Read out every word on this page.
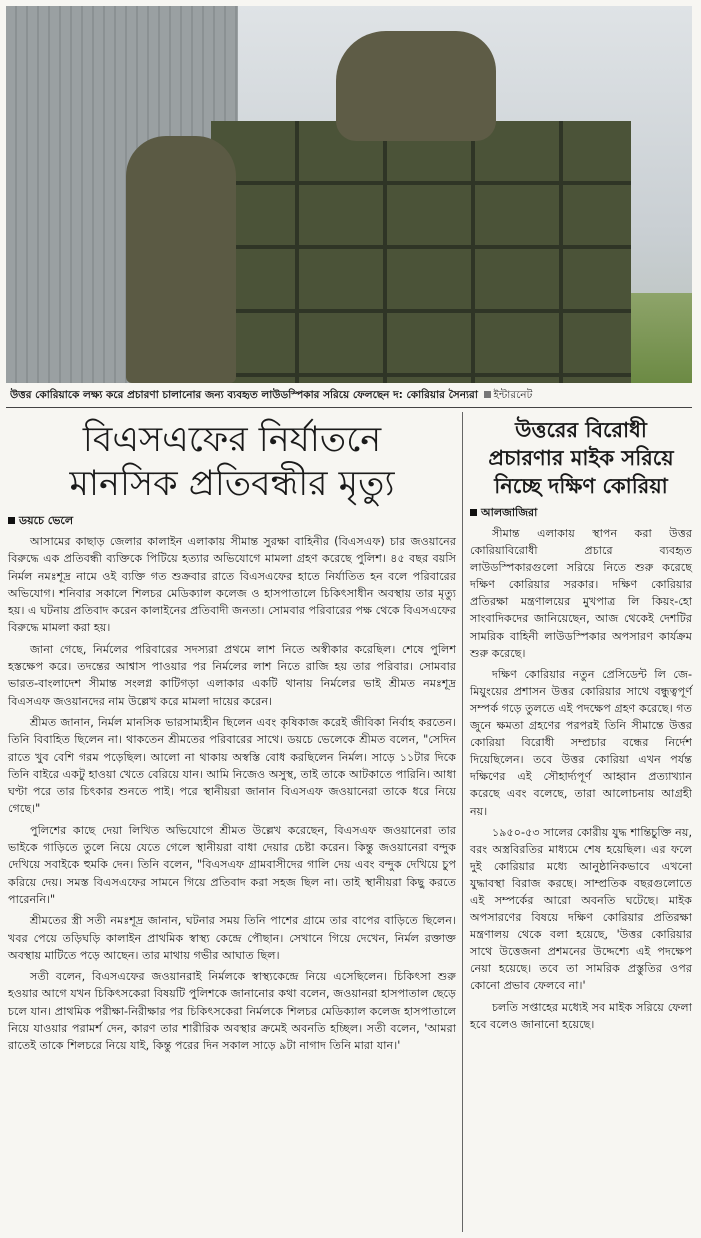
উত্তর কোরিয়াকে লক্ষ্য করে প্রচারণা চালানোর জন্য ব্যবহৃত লাউডস্পিকার সরিয়ে ফেলছেন দ: কোরিয়ার সৈন্যরা ইন্টারনেট
বিএসএফের নির্যাতনে
মানসিক প্রতিবন্ধীর মৃত্যু
ডয়চে ভেলে

আসামের কাছাড় জেলার কালাইন এলাকায় সীমান্ত সুরক্ষা বাহিনীর (বিএসএফ) চার জওয়ানের বিরুদ্ধে এক প্রতিবন্ধী ব্যক্তিকে পিটিয়ে হত্যার অভিযোগে মামলা গ্রহণ করেছে পুলিশ। ৪৫ বছর বয়সি নির্মল নমঃশূদ্র নামে ওই ব্যক্তি গত শুক্রবার রাতে বিএসএফের হাতে নির্যাতিত হন বলে পরিবারের অভিযোগ। শনিবার সকালে শিলচর মেডিক্যাল কলেজ ও হাসপাতালে চিকিৎসাধীন অবস্থায় তার মৃত্যু হয়। এ ঘটনায় প্রতিবাদ করেন কালাইনের প্রতিবাদী জনতা। সোমবার পরিবারের পক্ষ থেকে বিএসএফের বিরুদ্ধে মামলা করা হয়।

জানা গেছে, নির্মলের পরিবারের সদস্যরা প্রথমে লাশ নিতে অস্বীকার করেছিল। শেষে পুলিশ হস্তক্ষেপ করে। তদন্তের আশ্বাস পাওয়ার পর নির্মলের লাশ নিতে রাজি হয় তার পরিবার। সোমবার ভারত-বাংলাদেশ সীমান্ত সংলগ্ন কাটিগড়া এলাকার একটি থানায় নির্মলের ভাই শ্রীমত নমঃশূদ্র বিএসএফ জওয়ানদের নাম উল্লেখ করে মামলা দায়ের করেন।

শ্রীমত জানান, নির্মল মানসিক ভারসাম্যহীন ছিলেন এবং কৃষিকাজ করেই জীবিকা নির্বাহ করতেন। তিনি বিবাহিত ছিলেন না। থাকতেন শ্রীমতের পরিবারের সাথে। ডয়চে ভেলেকে শ্রীমত বলেন, "সেদিন রাতে খুব বেশি গরম পড়েছিল। আলো না থাকায় অস্বস্তি বোধ করছিলেন নির্মল। সাড়ে ১১টার দিকে তিনি বাইরে একটু হাওয়া খেতে বেরিয়ে যান। আমি নিজেও অসুস্থ, তাই তাকে আটকাতে পারিনি। আধা ঘণ্টা পরে তার চিৎকার শুনতে পাই। পরে স্থানীয়রা জানান বিএসএফ জওয়ানেরা তাকে ধরে নিয়ে গেছে।"

পুলিশের কাছে দেয়া লিখিত অভিযোগে শ্রীমত উল্লেখ করেছেন, বিএসএফ জওয়ানেরা তার ভাইকে গাড়িতে তুলে নিয়ে যেতে গেলে স্থানীয়রা বাধা দেয়ার চেষ্টা করেন। কিন্তু জওয়ানেরা বন্দুক দেখিয়ে সবাইকে হুমকি দেন। তিনি বলেন, "বিএসএফ গ্রামবাসীদের গালি দেয় এবং বন্দুক দেখিয়ে চুপ করিয়ে দেয়। সমস্ত বিএসএফের সামনে গিয়ে প্রতিবাদ করা সহজ ছিল না। তাই স্থানীয়রা কিছু করতে পারেননি।"

শ্রীমতের স্ত্রী সতী নমঃশূদ্র জানান, ঘটনার সময় তিনি পাশের গ্রামে তার বাপের বাড়িতে ছিলেন। খবর পেয়ে তড়িঘড়ি কালাইন প্রাথমিক স্বাস্থ্য কেন্দ্রে পৌছান। সেখানে গিয়ে দেখেন, নির্মল রক্তাক্ত অবস্থায় মাটিতে পড়ে আছেন। তার মাথায় গভীর আঘাত ছিল।

সতী বলেন, বিএসএফের জওয়ানরাই নির্মলকে স্বাস্থ্যকেন্দ্রে নিয়ে এসেছিলেন। চিকিৎসা শুরু হওয়ার আগে যখন চিকিৎসকেরা বিষয়টি পুলিশকে জানানোর কথা বলেন, জওয়ানরা হাসপাতাল ছেড়ে চলে যান। প্রাথমিক পরীক্ষা-নিরীক্ষার পর চিকিৎসকেরা নির্মলকে শিলচর মেডিক্যাল কলেজ হাসপাতালে নিয়ে যাওয়ার পরামর্শ দেন, কারণ তার শারীরিক অবস্থার ক্রমেই অবনতি হচ্ছিল। সতী বলেন, 'আমরা রাতেই তাকে শিলচরে নিয়ে যাই, কিন্তু পরের দিন সকাল সাড়ে ৯টা নাগাদ তিনি মারা যান।'

উত্তরের বিরোধী
প্রচারণার মাইক সরিয়ে
নিচ্ছে দক্ষিণ কোরিয়া
আলজাজিরা

সীমান্ত এলাকায় স্থাপন করা উত্তর কোরিয়াবিরোধী প্রচারে ব্যবহৃত লাউডস্পিকারগুলো সরিয়ে নিতে শুরু করেছে দক্ষিণ কোরিয়ার সরকার। দক্ষিণ কোরিয়ার প্রতিরক্ষা মন্ত্রণালয়ের মুখপাত্র লি কিয়ং-হো সাংবাদিকদের জানিয়েছেন, আজ থেকেই দেশটির সামরিক বাহিনী লাউডস্পিকার অপসারণ কার্যক্রম শুরু করেছে।

দক্ষিণ কোরিয়ার নতুন প্রেসিডেন্ট লি জে-মিয়ুংয়ের প্রশাসন উত্তর কোরিয়ার সাথে বন্ধুত্বপূর্ণ সম্পর্ক গড়ে তুলতে এই পদক্ষেপ গ্রহণ করেছে। গত জুনে ক্ষমতা গ্রহণের পরপরই তিনি সীমান্তে উত্তর কোরিয়া বিরোধী সম্প্রচার বন্ধের নির্দেশ দিয়েছিলেন। তবে উত্তর কোরিয়া এখন পর্যন্ত দক্ষিণের এই সৌহার্দ্যপূর্ণ আহ্বান প্রত্যাখ্যান করেছে এবং বলেছে, তারা আলোচনায় আগ্রহী নয়।

১৯৫০-৫৩ সালের কোরীয় যুদ্ধ শান্তিচুক্তি নয়, বরং অস্ত্রবিরতির মাধ্যমে শেষ হয়েছিল। এর ফলে দুই কোরিয়ার মধ্যে আনুষ্ঠানিকভাবে এখনো যুদ্ধাবস্থা বিরাজ করছে। সাম্প্রতিক বছরগুলোতে এই সম্পর্কের আরো অবনতি ঘটেছে। মাইক অপসারণের বিষয়ে দক্ষিণ কোরিয়ার প্রতিরক্ষা মন্ত্রণালয় থেকে বলা হয়েছে, 'উত্তর কোরিয়ার সাথে উত্তেজনা প্রশমনের উদ্দেশ্যে এই পদক্ষেপ নেয়া হয়েছে। তবে তা সামরিক প্রস্তুতির ওপর কোনো প্রভাব ফেলবে না।'

চলতি সপ্তাহের মধ্যেই সব মাইক সরিয়ে ফেলা হবে বলেও জানানো হয়েছে।
